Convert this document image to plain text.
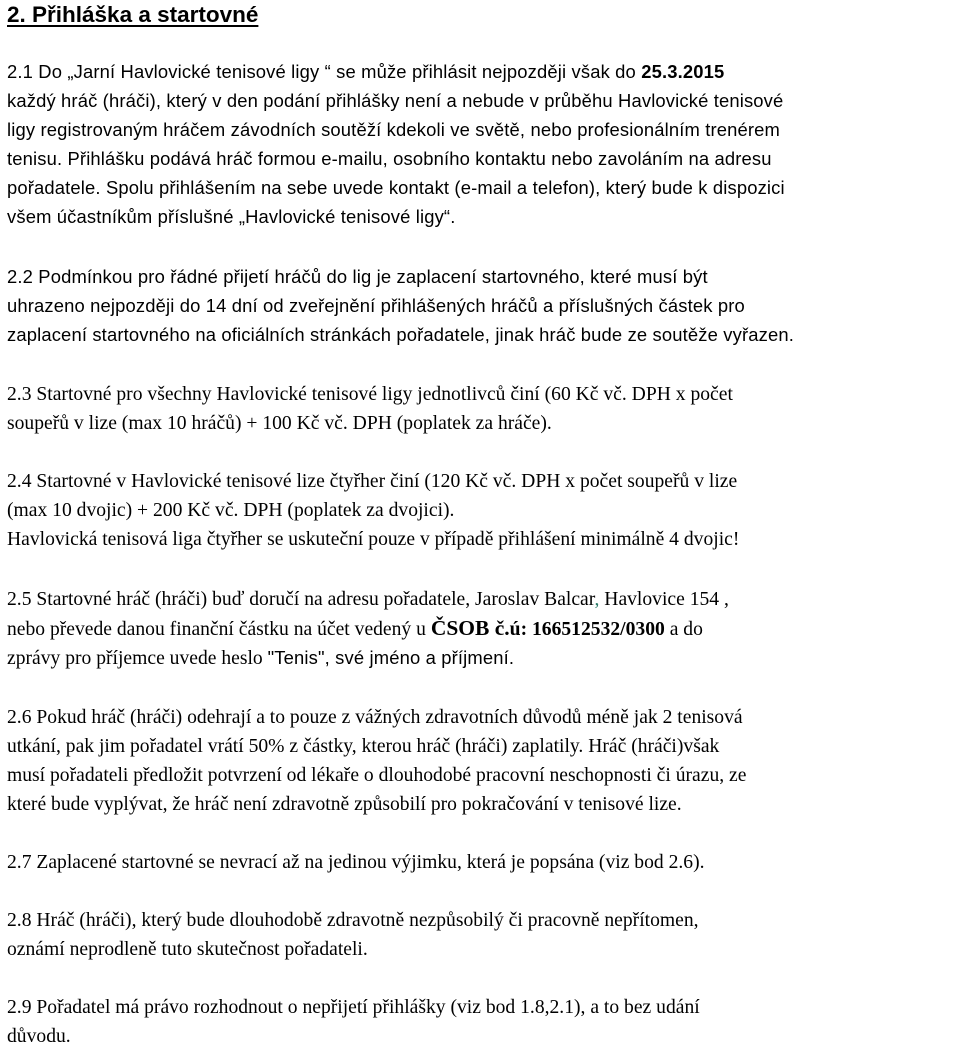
2. Přihláška a startovné
2.1 Do „Jarní Havlovické tenisové ligy “ se může přihlásit nejpozději však do 25.3.2015
každý hráč (hráči), který v den podání přihlášky není a nebude v průběhu Havlovické tenisové
ligy registrovaným hráčem závodních soutěží kdekoli ve světě, nebo profesionálním trenérem
tenisu. Přihlášku podává hráč formou e-mailu, osobního kontaktu nebo zavoláním na adresu
pořadatele. Spolu přihlášením na sebe uvede kontakt (e-mail a telefon), který bude k dispozici
všem účastníkům příslušné „Havlovické tenisové ligy“.
2.2 Podmínkou pro řádné přijetí hráčů do lig je zaplacení startovného, které musí být
uhrazeno nejpozději do 14 dní od zveřejnění přihlášených hráčů a příslušných částek pro
zaplacení startovného na oficiálních stránkách pořadatele, jinak hráč bude ze soutěže vyřazen.
2.3 Startovné pro všechny Havlovické tenisové ligy jednotlivců činí (60 Kč vč. DPH x počet
soupeřů v lize (max 10 hráčů) + 100 Kč vč. DPH (poplatek za hráče).
2.4 Startovné v Havlovické tenisové lize čtyřher činí (120 Kč vč. DPH x počet soupeřů v lize
(max 10 dvojic) + 200 Kč vč. DPH (poplatek za dvojici).
Havlovická tenisová liga čtyřher se uskuteční pouze v případě přihlášení minimálně 4 dvojic!
2.5 Startovné hráč (hráči) buď doručí na adresu pořadatele, Jaroslav Balcar, Havlovice 154 ,
nebo převede danou finanční částku na účet vedený u ČSOB č.ú: 166512532/0300 a do
zprávy pro příjemce uvede heslo "Tenis", své jméno a příjmení.
2.6 Pokud hráč (hráči) odehrají a to pouze z vážných zdravotních důvodů méně jak 2 tenisová
utkání, pak jim pořadatel vrátí 50% z částky, kterou hráč (hráči) zaplatily. Hráč (hráči)však
musí pořadateli předložit potvrzení od lékaře o dlouhodobé pracovní neschopnosti či úrazu, ze
které bude vyplývat, že hráč není zdravotně způsobilí pro pokračování v tenisové lize.
2.7 Zaplacené startovné se nevrací až na jedinou výjimku, která je popsána (viz bod 2.6).
2.8 Hráč (hráči), který bude dlouhodobě zdravotně nezpůsobilý či pracovně nepřítomen,
oznámí neprodleně tuto skutečnost pořadateli.
2.9 Pořadatel má právo rozhodnout o nepřijetí přihlášky (viz bod 1.8,2.1), a to bez udání
důvodu.
